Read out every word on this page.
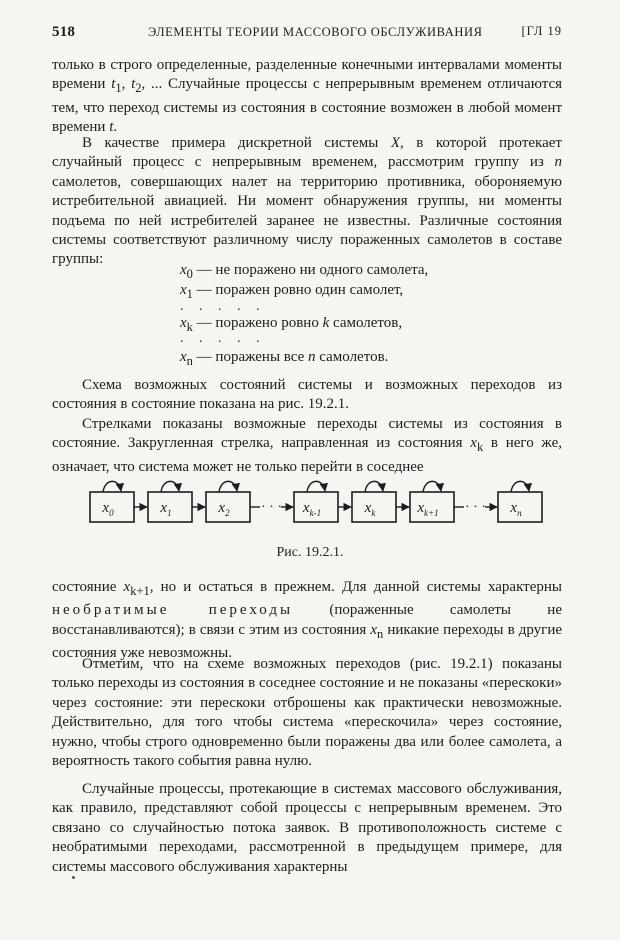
518	ЭЛЕМЕНТЫ ТЕОРИИ МАССОВОГО ОБСЛУЖИВАНИЯ	[ГЛ 19

только в строго определенные, разделенные конечными интервалами моменты времени $t_1$, $t_2$, ... Случайные процессы с непрерывным временем отличаются тем, что переход системы из состояния в состояние возможен в любой момент времени t.

В качестве примера дискретной системы X, в которой протекает случайный процесс с непрерывным временем, рассмотрим группу из n самолетов, совершающих налет на территорию противника, обороняемую истребительной авиацией. Ни момент обнаружения группы, ни моменты подъема по ней истребителей заранее не известны. Различные состояния системы соответствуют различному числу пораженных самолетов в составе группы:

$x_0$ — не поражено ни одного самолета,
$x_1$ — поражен ровно один самолет,
. . . . .
$x_k$ — поражено ровно k самолетов,
. . . . .
$x_n$ — поражены все n самолетов.

Схема возможных состояний системы и возможных переходов из состояния в состояние показана на рис. 19.2.1.

Стрелками показаны возможные переходы системы из состояния в состояние. Закругленная стрелка, направленная из состояния $x_k$ в него же, означает, что система может не только перейти в соседнее

$x_0$	$x_1$	$x_2$	$x_{k-1}$	$x_k$	$x_{k+1}$	$x_n$
· · ·	· · ·
Рис. 19.2.1.

состояние $x_{k+1}$, но и остаться в прежнем. Для данной системы характерны необратимые переходы (пораженные самолеты не восстанавливаются); в связи с этим из состояния $x_n$ никакие переходы в другие состояния уже невозможны.

Отметим, что на схеме возможных переходов (рис. 19.2.1) показаны только переходы из состояния в соседнее состояние и не показаны «перескоки» через состояние: эти перескоки отброшены как практически невозможные. Действительно, для того чтобы система «перескочила» через состояние, нужно, чтобы строго одновременно были поражены два или более самолета, а вероятность такого события равна нулю.

Случайные процессы, протекающие в системах массового обслуживания, как правило, представляют собой процессы с непрерывным временем. Это связано со случайностью потока заявок. В противоположность системе с необратимыми переходами, рассмотренной в предыдущем примере, для системы массового обслуживания характерны
